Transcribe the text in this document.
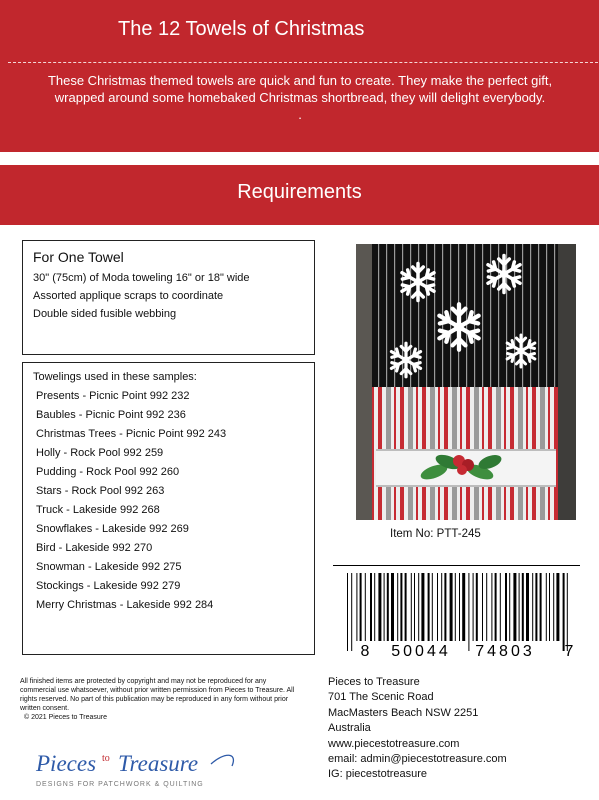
The 12 Towels of Christmas
These Christmas themed towels are quick and fun to create. They make the perfect gift,
wrapped around some homebaked Christmas shortbread, they will delight everybody.
.
Requirements
For One Towel
30" (75cm) of Moda toweling 16" or 18" wide
Assorted applique scraps to coordinate
Double sided fusible webbing
Towelings used in these samples:
Presents - Picnic Point 992 232
Baubles - Picnic Point 992 236
Christmas Trees - Picnic Point 992 243
Holly - Rock Pool 992 259
Pudding - Rock Pool 992 260
Stars - Rock Pool 992 263
Truck - Lakeside 992 268
Snowflakes - Lakeside 992 269
Bird - Lakeside 992 270
Snowman - Lakeside 992 275
Stockings - Lakeside 992 279
Merry Christmas - Lakeside 992 284
Item No: PTT-245
8 50044 74803 7
All finished items are protected by copyright and may not be reproduced for any
commercial use whatsoever, without prior written permission from Pieces to Treasure. All
rights reserved. No part of this publication may be reproduced in any form without prior
written consent.
© 2021 Pieces to Treasure
Pieces to Treasure
DESIGNS FOR PATCHWORK & QUILTING
Pieces to Treasure
701 The Scenic Road
MacMasters Beach NSW 2251
Australia
www.piecestotreasure.com
email: admin@piecestotreasure.com
IG: piecestotreasure
